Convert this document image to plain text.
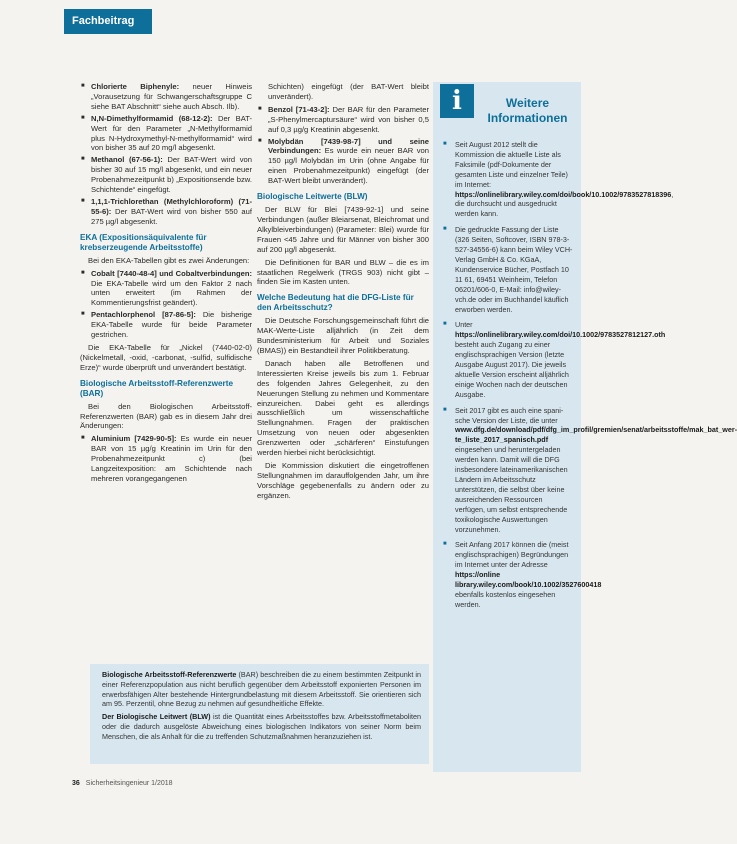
Fachbeitrag
■ Chlorierte Biphenyle: neuer Hinweis „Vorausetzung für Schwangerschaftsgruppe C siehe BAT Abschnitt“ siehe auch Absch. Ilb).
■ N,N-Dimethylformamid (68-12-2): Der BAT-Wert für den Parameter „N-Methylformamid plus N-Hydroxymethyl-N-methylformamid“ wird von bisher 35 auf 20 mg/l abgesenkt.
■ Methanol (67-56-1): Der BAT-Wert wird von bisher 30 auf 15 mg/l abgesenkt, und ein neuer Probenahmezeitpunkt b) „Expositionsende bzw. Schichtende“ eingefügt.
■ 1,1,1-Trichlorethan (Methylchloroform) (71-55-6): Der BAT-Wert wird von bisher 550 auf 275 µg/l abgesenkt.
EKA (Expositionsäquivalente für krebserzeugende Arbeitsstoffe)

Bei den EKA-Tabellen gibt es zwei Änderungen:

■ Cobalt [7440-48-4] und Cobaltverbindungen: Die EKA-Tabelle wird um den Faktor 2 nach unten erweitert (im Rahmen der Kommentierungsfrist geändert).
■ Pentachlorphenol [87-86-5]: Die bisherige EKA-Tabelle wurde für beide Parameter gestrichen.

Die EKA-Tabelle für „Nickel (7440-02-0) (Nickelmetall, -oxid, -carbonat, -sulfid, sulfidische Erze)“ wurde überprüft und unverändert bestätigt.

Biologische Arbeitsstoff-Referenzwerte (BAR)

Bei den Biologischen Arbeitsstoff-Referenzwerten (BAR) gab es in diesem Jahr drei Änderungen:

■ Aluminium [7429-90-5]: Es wurde ein neuer BAR von 15 µg/g Kreatinin im Urin für den Probenahmezeitpunkt c) (bei Langzeitexposition: am Schichtende nach mehreren vorangegangenen

Schichten) eingefügt (der BAT-Wert bleibt unverändert).

■ Benzol [71-43-2]: Der BAR für den Parameter „S-Phenylmercaptursäure“ wird von bisher 0,5 auf 0,3 µg/g Kreatinin abgesenkt.
■ Molybdän [7439-98-7] und seine Verbindungen: Es wurde ein neuer BAR von 150 µg/l Molybdän im Urin (ohne Angabe für einen Probenahmezeitpunkt) eingefügt (der BAT-Wert bleibt unverändert).
Biologische Leitwerte (BLW)

Der BLW für Blei [7439-92-1] und seine Verbindungen (außer Bleiarsenat, Bleichromat und Alkylbleiverbindungen) (Parameter: Blei) wurde für Frauen <45 Jahre und für Männer von bisher 300 auf 200 µg/l abgesenkt.

Die Definitionen für BAR und BLW – die es im staatlichen Regelwerk (TRGS 903) nicht gibt – finden Sie im Kasten unten.

Welche Bedeutung hat die DFG-Liste für den Arbeitsschutz?

Die Deutsche Forschungsgemeinschaft führt die MAK-Werte-Liste alljährlich (in Zeit dem Bundesministerium für Arbeit und Soziales (BMAS)) ein Bestandteil ihrer Politikberatung.

Danach haben alle Betroffenen und Interessierten Kreise jeweils bis zum 1. Februar des folgenden Jahres Gelegenheit, zu den Neuerungen Stellung zu nehmen und Kommentare einzureichen. Dabei geht es allerdings ausschließlich um wissenschaftliche Stellungnahmen. Fragen der praktischen Umsetzung von neuen oder abgesenkten Grenzwerten oder „schärferen“ Einstufungen werden hierbei nicht berücksichtigt.

Die Kommission diskutiert die eingetroffenen Stellungnahmen im darauffolgenden Jahr, um ihre Vorschläge gegebenenfalls zu ändern oder zu ergänzen.

■ Seit August 2012 stellt die Kommission die aktuelle Liste als Faksimile (pdf-Dokumente der gesamten Liste und einzelner Teile) im Internet: https://onlinelibrary.wiley.com/doi/book/10.1002/9783527818396, die durchsucht und ausgedruckt werden kann.
■ Die gedruckte Fassung der Liste (326 Seiten, Softcover, ISBN 978-3-527-34556-6) kann beim Wiley VCH-Verlag GmbH & Co. KGaA, Kundenservice Bücher, Postfach 10 11 61, 69451 Weinheim, Telefon 06201/606-0, E-Mail: info@wiley-vch.de oder im Buchhandel käuflich erworben werden.
■ Unter https://onlinelibrary.wiley.com/doi/10.1002/9783527812127.oth besteht auch Zugang zu einer englischsprachigen Version (letzte Ausgabe August 2017). Die jeweils aktuelle Version erscheint alljährlich einige Wochen nach der deutschen Ausgabe.
■ Seit 2017 gibt es auch eine spanische Version der Liste, die unter www.dfg.de/download/pdf/dfg_im_profil/gremien/senat/arbeitsstoffe/mak_bat_werte_liste_2017_spanisch.pdf eingesehen und heruntergeladen werden kann. Damit will die DFG insbesondere lateinamerikanischen Ländern im Arbeitsschutz unterstützen, die selbst über keine ausreichenden Ressourcen verfügen, um selbst entsprechende toxikologische Auswertungen vorzunehmen.
■ Seit Anfang 2017 können die (meist englischsprachigen) Begründungen im Internet unter der Adresse https://online library.wiley.com/book/10.1002/3527600418 ebenfalls kostenlos eingesehen werden.
i	Weitere
Informationen

Biologische Arbeitsstoff-Referenzwerte (BAR) beschreiben die zu einem bestimmten Zeitpunkt in einer Referenzpopulation aus nicht beruflich gegenüber dem Arbeitsstoff exponierten Personen im erwerbsfähigen Alter bestehende Hintergrundbelastung mit diesem Arbeitsstoff. Sie orientieren sich am 95. Perzentil, ohne Bezug zu nehmen auf gesundheitliche Effekte.

Der Biologische Leitwert (BLW) ist die Quantität eines Arbeitsstoffes bzw. Arbeitsstoffmetaboliten oder die dadurch ausgelöste Abweichung eines biologischen Indikators von seiner Norm beim Menschen, die als Anhalt für die zu treffenden Schutzmaßnahmen heranzuziehen ist.

36 Sicherheitsingenieur 1/2018
